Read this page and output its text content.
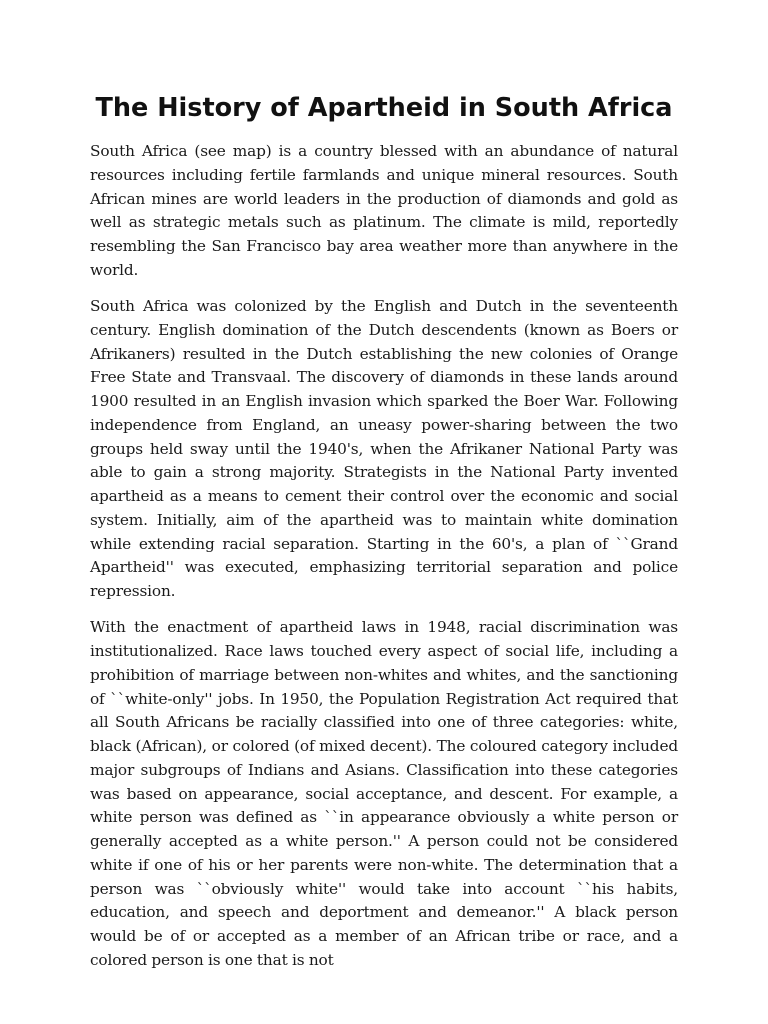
The History of Apartheid in South Africa

South Africa (see map) is a country blessed with an abundance of natural resources including fertile farmlands and unique mineral resources. South African mines are world leaders in the production of diamonds and gold as well as strategic metals such as platinum. The climate is mild, reportedly resembling the San Francisco bay area weather more than anywhere in the world.

South Africa was colonized by the English and Dutch in the seventeenth century. English domination of the Dutch descendents (known as Boers or Afrikaners) resulted in the Dutch establishing the new colonies of Orange Free State and Transvaal. The discovery of diamonds in these lands around 1900 resulted in an English invasion which sparked the Boer War. Following independence from England, an uneasy power-sharing between the two groups held sway until the 1940's, when the Afrikaner National Party was able to gain a strong majority. Strategists in the National Party invented apartheid as a means to cement their control over the economic and social system. Initially, aim of the apartheid was to maintain white domination while extending racial separation. Starting in the 60's, a plan of ``Grand Apartheid'' was executed, emphasizing territorial separation and police repression.

With the enactment of apartheid laws in 1948, racial discrimination was institutionalized. Race laws touched every aspect of social life, including a prohibition of marriage between non-whites and whites, and the sanctioning of ``white-only'' jobs. In 1950, the Population Registration Act required that all South Africans be racially classified into one of three categories: white, black (African), or colored (of mixed decent). The coloured category included major subgroups of Indians and Asians. Classification into these categories was based on appearance, social acceptance, and descent. For example, a white person was defined as ``in appearance obviously a white person or generally accepted as a white person.'' A person could not be considered white if one of his or her parents were non-white. The determination that a person was ``obviously white'' would take into account ``his habits, education, and speech and deportment and demeanor.'' A black person would be of or accepted as a member of an African tribe or race, and a colored person is one that is not
